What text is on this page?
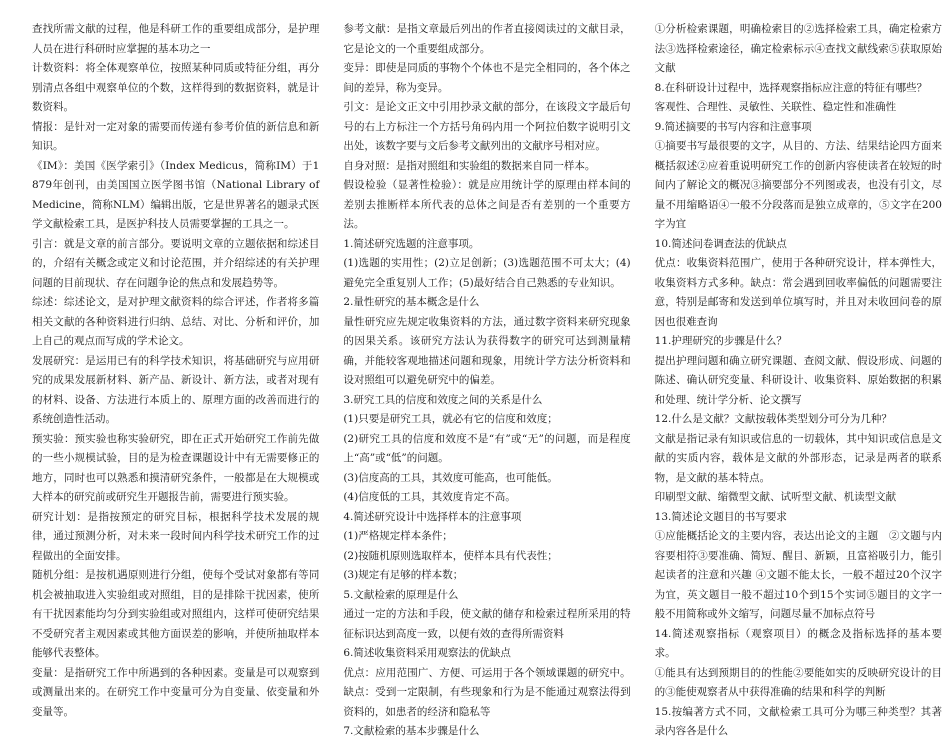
查找所需文献的过程，他是科研工作的重要组成部分，是护理人员在进行科研时应掌握的基本功之一

计数资料：将全体观察单位，按照某种同质或特征分组，再分别清点各组中观察单位的个数，这样得到的数据资料，就是计数资料。

情报：是针对一定对象的需要而传递有参考价值的新信息和新知识。

《IM》：美国《医学索引》（Index Medicus，简称IM）于1879年创刊，由美国国立医学图书馆（National Library of Medicine，简称NLM）编辑出版，它是世界著名的题录式医学文献检索工具，是医护科技人员需要掌握的工具之一。

引言：就是文章的前言部分。要说明文章的立题依据和综述目的，介绍有关概念或定义和讨论范围，并介绍综述的有关护理问题的目前现状、存在问题争论的焦点和发展趋势等。

综述：综述论文，是对护理文献资料的综合评述，作者将多篇相关文献的各种资料进行归纳、总结、对比、分析和评价，加上自己的观点而写成的学术论文。

发展研究：是运用已有的科学技术知识，将基础研究与应用研究的成果发展新材料、新产品、新设计、新方法，或者对现有的材料、设备、方法进行本质上的、原理方面的改善而进行的系统创造性活动。

预实验：预实验也称实验研究，即在正式开始研究工作前先做的一些小规模试验，目的是为检查课题设计中有无需要修正的地方，同时也可以熟悉和摸清研究条件，一般都是在大规模或大样本的研究前或研究生开题报告前，需要进行预实验。

研究计划：是指按预定的研究目标，根据科学技术发展的规律，通过预测分析，对未来一段时间内科学技术研究工作的过程做出的全面安排。

随机分组：是按机遇原则进行分组，使每个受试对象都有等同机会被抽取进入实验组或对照组，目的是排除干扰因素，使所有干扰因素能均匀分到实验组或对照组内，这样可使研究结果不受研究者主观因素或其他方面误差的影响，并使所抽取样本能够代表整体。

变量：是指研究工作中所遇到的各种因素。变量是可以观察到或测量出来的。在研究工作中变量可分为自变量、依变量和外变量等。

参考文献：是指文章最后列出的作者直接阅读过的文献目录，它是论文的一个重要组成部分。

变异：即使是同质的事物个个体也不是完全相同的，各个体之间的差异，称为变异。

引文：是论文正文中引用抄录文献的部分，在该段文字最后句号的右上方标注一个方括号角码内用一个阿拉伯数字说明引文出处，该数字要与文后参考文献列出的文献序号相对应。

自身对照：是指对照组和实验组的数据来自同一样本。

假设检验（显著性检验）：就是应用统计学的原理由样本间的差别去推断样本所代表的总体之间是否有差别的一个重要方法。

1.简述研究选题的注意事项。

(1)选题的实用性；(2)立足创新；(3)选题范围不可太大；(4)避免完全重复别人工作；(5)最好结合自己熟悉的专业知识。

2.量性研究的基本概念是什么

量性研究应先规定收集资料的方法，通过数字资料来研究现象的因果关系。该研究方法认为获得数字的研究可达到测量精确，并能较客观地描述问题和现象，用统计学方法分析资料和设对照组可以避免研究中的偏差。

3.研究工具的信度和效度之间的关系是什么

(1)只要是研究工具，就必有它的信度和效度；

(2)研究工具的信度和效度不是“有”或“无”的问题，而是程度上“高”或“低”的问题。

(3)信度高的工具，其效度可能高，也可能低。

(4)信度低的工具，其效度肯定不高。

4.简述研究设计中选择样本的注意事项

(1)严格规定样本条件；

(2)按随机原则选取样本，使样本具有代表性；

(3)规定有足够的样本数；

5.文献检索的原理是什么

通过一定的方法和手段，使文献的储存和检索过程所采用的特征标识达到高度一致，以便有效的查得所需资料

6.简述收集资料采用观察法的优缺点

优点：应用范围广、方便、可运用于各个领域课题的研究中。缺点：受到一定限制，有些现象和行为是不能通过观察法得到资料的，如患者的经济和隐私等

7.文献检索的基本步骤是什么

①分析检索课题，明确检索目的②选择检索工具，确定检索方法③选择检索途径，确定检索标示④查找文献线索⑤获取原始文献

8.在科研设计过程中，选择观察指标应注意的特征有哪些？

客观性、合理性、灵敏性、关联性、稳定性和准确性

9.简述摘要的书写内容和注意事项

①摘要书写最很要的文字，从目的、方法、结果结论四方面来概括叙述②应着重说明研究工作的创新内容使读者在较短的时间内了解论文的概况③摘要部分不列图或表，也没有引文，尽量不用缩略语④一般不分段落而是独立成章的，⑤文字在200字为宜

10.简述问卷调查法的优缺点

优点：收集资料范围广，使用于各种研究设计，样本弹性大，收集资料方式多种。缺点：常会遇到回收率偏低的问题需要注意，特别是邮寄和发送到单位填写时，并且对未收回问卷的原因也很难查询

11.护理研究的步骤是什么？

提出护理问题和确立研究课题、查阅文献、假设形成、问题的陈述、确认研究变量、科研设计、收集资料、原始数据的积累和处理、统计学分析、论文撰写

12.什么是文献？文献按载体类型划分可分为几种？

文献是指记录有知识或信息的一切载体，其中知识或信息是文献的实质内容，载体是文献的外部形态，记录是两者的联系物，是文献的基本特点。

印刷型文献、缩微型文献、试听型文献、机读型文献

13.简述论文题目的书写要求

①应能概括论文的主要内容，表达出论文的主题　②文题与内容要相符③要准确、简短、醒目、新颖，且富裕吸引力，能引起读者的注意和兴趣 ④文题不能太长，一般不超过20个汉字为宜，英文题目一般不超过10个到15个实词⑤题目的文字一般不用简称或外文缩写，问题尽量不加标点符号

14.简述观察指标（观察项目）的概念及指标选择的基本要求。

①能具有达到预期目的的性能②要能如实的反映研究设计的目的③能使观察者从中获得准确的结果和科学的判断

15.按编著方式不同，文献检索工具可分为哪三种类型？其著录内容各是什么
